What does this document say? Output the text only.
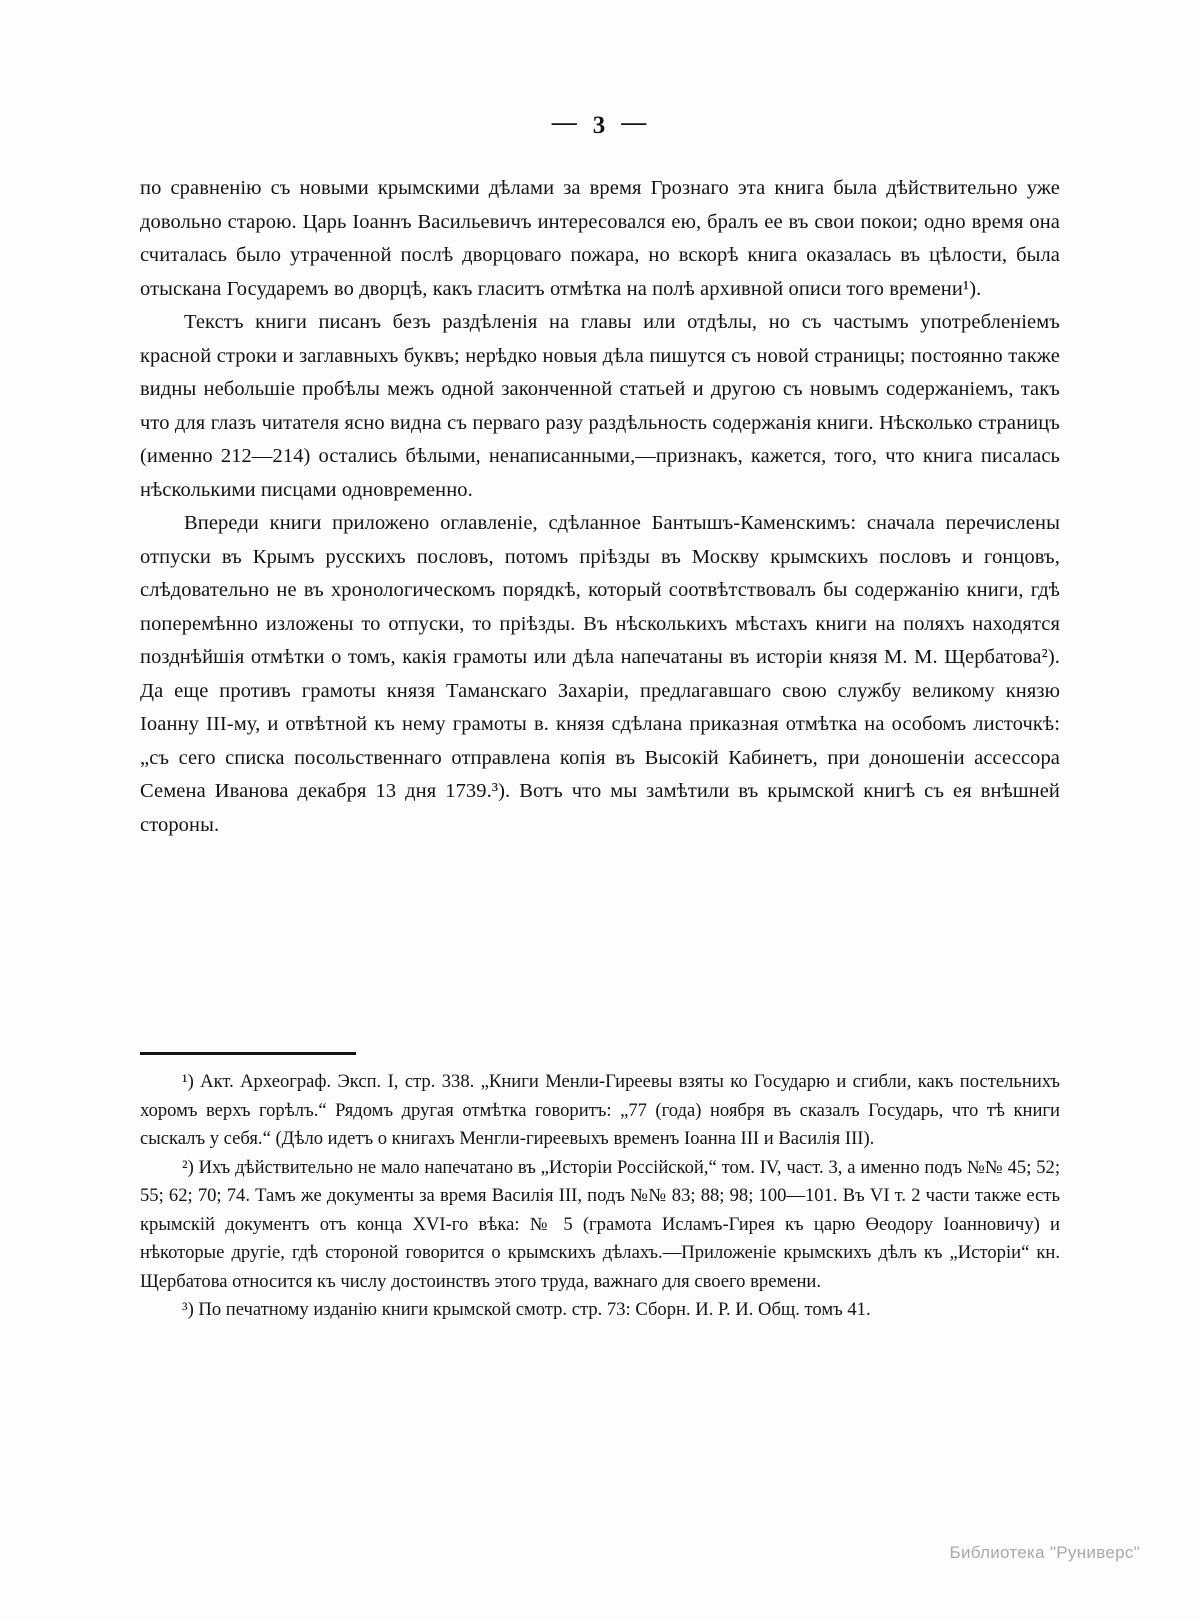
— 3 —

по сравненію съ новыми крымскими дѣлами за время Грознаго эта книга была дѣйствительно уже довольно старою. Царь Іоаннъ Васильевичъ интересовался ею, бралъ ее въ свои покои; одно время она считалась было утраченной послѣ дворцоваго пожара, но вскорѣ книга оказалась въ цѣлости, была отыскана Государемъ во дворцѣ, какъ гласитъ отмѣтка на полѣ архивной описи того времени¹).

Текстъ книги писанъ безъ раздѣленія на главы или отдѣлы, но съ частымъ употребленіемъ красной строки и заглавныхъ буквъ; нерѣдко новыя дѣла пишутся съ новой страницы; постоянно также видны небольшіе пробѣлы межъ одной законченной статьей и другою съ новымъ содержаніемъ, такъ что для глазъ читателя ясно видна съ перваго разу раздѣльность содержанія книги. Нѣсколько страницъ (именно 212—214) остались бѣлыми, ненаписанными,—признакъ, кажется, того, что книга писалась нѣсколькими писцами одновременно.

Впереди книги приложено оглавленіе, сдѣланное Бантышъ-Каменскимъ: сначала перечислены отпуски въ Крымъ русскихъ пословъ, потомъ пріѣзды въ Москву крымскихъ пословъ и гонцовъ, слѣдовательно не въ хронологическомъ порядкѣ, который соотвѣтствовалъ бы содержанію книги, гдѣ поперемѣнно изложены то отпуски, то пріѣзды. Въ нѣсколькихъ мѣстахъ книги на поляхъ находятся позднѣйшія отмѣтки о томъ, какія грамоты или дѣла напечатаны въ исторіи князя М. М. Щербатова²). Да еще противъ грамоты князя Таманскаго Захаріи, предлагавшаго свою службу великому князю Іоанну III-му, и отвѣтной къ нему грамоты в. князя сдѣлана приказная отмѣтка на особомъ листочкѣ: „съ сего списка посольственнаго отправлена копія въ Высокій Кабинетъ, при доношеніи ассессора Семена Иванова декабря 13 дня 1739.³). Вотъ что мы замѣтили въ крымской книгѣ съ ея внѣшней стороны.

¹) Акт. Археограф. Эксп. I, стр. 338. „Книги Менли-Гиреевы взяты ко Государю и сгибли, какъ постельнихъ хоромъ верхъ горѣлъ.“ Рядомъ другая отмѣтка говоритъ: „77 (года) ноября въ сказалъ Государь, что тѣ книги сыскалъ у себя.“ (Дѣло идетъ о книгахъ Менгли-гиреевыхъ временъ Іоанна III и Василія III).

²) Ихъ дѣйствительно не мало напечатано въ „Исторіи Россійской,“ том. IV, част. 3, а именно подъ №№ 45; 52; 55; 62; 70; 74. Тамъ же документы за время Василія III, подъ №№ 83; 88; 98; 100—101. Въ VI т. 2 части также есть крымскій документъ отъ конца XVI-го вѣка: № 5 (грамота Исламъ-Гирея къ царю Өеодору Іоанновичу) и нѣкоторые другіе, гдѣ стороной говорится о крымскихъ дѣлахъ.—Приложеніе крымскихъ дѣлъ къ „Исторіи“ кн. Щербатова относится къ числу достоинствъ этого труда, важнаго для своего времени.

³) По печатному изданію книги крымской смотр. стр. 73: Сборн. И. Р. И. Общ. томъ 41.

Библиотека "Руниверс"
